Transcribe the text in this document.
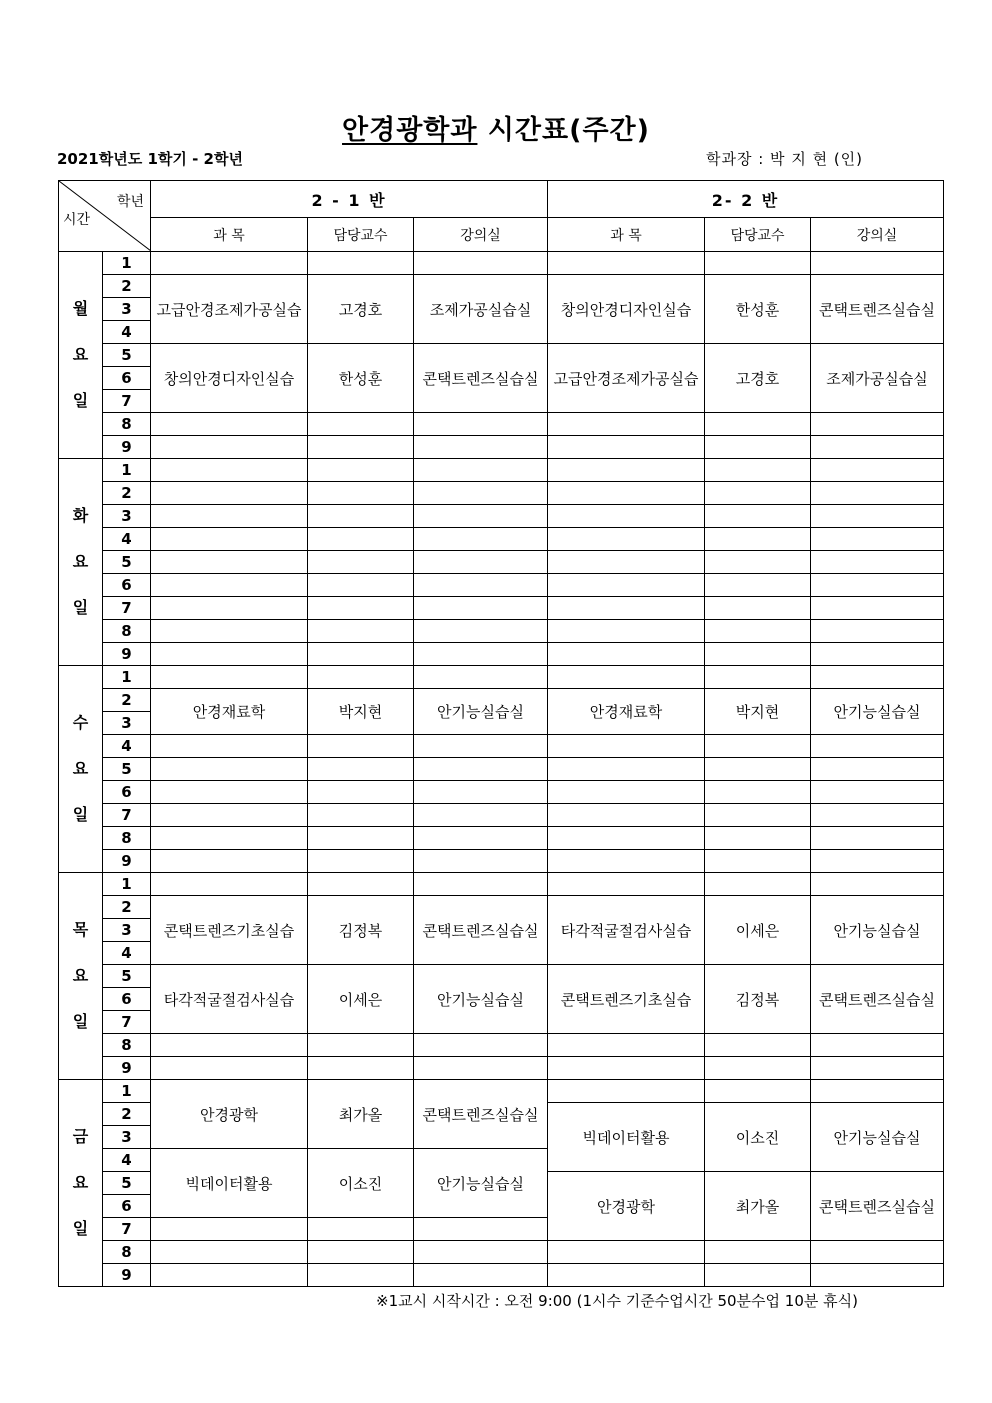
안경광학과 시간표(주간)
2021학년도 1학기 - 2학년	학과장 : 박 지 현 (인)
학년
시간		2 - 1 반			2- 2 반		
		과 목	담당교수	강의실	과 목	담당교수	강의실
월
요
일	1						
	2	고급안경조제가공실습	고경호	조제가공실습실	창의안경디자인실습	한성훈	콘택트렌즈실습실
	3						
	4						
	5	창의안경디자인실습	한성훈	콘택트렌즈실습실	고급안경조제가공실습	고경호	조제가공실습실
	6						
	7						
	8						
	9						
화
요
일	1						
	2						
	3						
	4						
	5						
	6						
	7						
	8						
	9						
수
요
일	1						
	2	안경재료학	박지현	안기능실습실	안경재료학	박지현	안기능실습실
	3						
	4						
	5						
	6						
	7						
	8						
	9						
목
요
일	1						
	2	콘택트렌즈기초실습	김정복	콘택트렌즈실습실	타각적굴절검사실습	이세은	안기능실습실
	3						
	4						
	5	타각적굴절검사실습	이세은	안기능실습실	콘택트렌즈기초실습	김정복	콘택트렌즈실습실
	6						
	7						
	8						
	9						
금
요
일	1	안경광학	최가올	콘택트렌즈실습실			
	2				빅데이터활용	이소진	안기능실습실
	3						
	4	빅데이터활용	이소진	안기능실습실			
	5				안경광학	최가올	콘택트렌즈실습실
	6						
	7						
	8						
	9						
※1교시 시작시간 : 오전 9:00 (1시수 기준수업시간 50분수업 10분 휴식)
